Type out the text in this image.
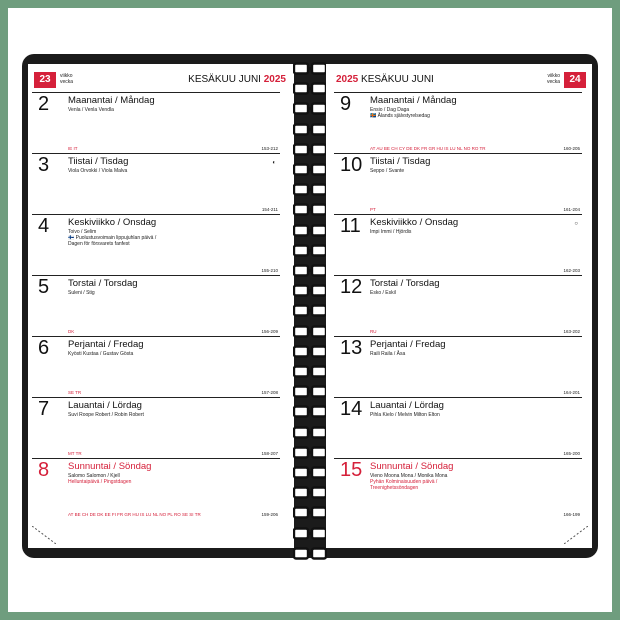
23	viikko
vecka	KESÄKUU JUNI 2025
2 Maanantai / Måndag
Venla / Venla Vendla
IE IT	153-212
3 Tiistai / Tisdag
Viola Orvokki / Viola Malva
◐
154-211
4 Keskiviikko / Onsdag
Toivo / Selim
🇫🇮 Puolustusvoimain lippujuhlan päivä /
Dagen för försvarets fanfest
155-210
5 Torstai / Torsdag
Suleni / Stig
DK	156-209
6 Perjantai / Fredag
Kyösti Kustaa / Gustav Gösta
SE TR	157-208
7 Lauantai / Lördag
Suvi Roope Robert / Robin Robert
MT TR	158-207
8 Sunnuntai / Söndag
Salomo Salomon / Kjell
Helluntaipäivä / Pingstdagen
AT BE CH DE DK EE FI FR GR HU IS LU NL NO PL RO SE SI TR	159-206
2025 KESÄKUU JUNI	viikko
vecka 24
9 Maanantai / Måndag
Ensio / Dag Daga
🇦🇽 Ålands självstyrelsedag
AT AU BE CH CY DE DK FR GR HU IS LU NL NO RO TR	160-205
10 Tiistai / Tisdag
Seppo / Svante
PT	161-204
11 Keskiviikko / Onsdag
Impi Immi / Hjördis
○
162-203
12 Torstai / Torsdag
Esko / Eskil
RU	163-202
13 Perjantai / Fredag
Raili Raila / Åsa
164-201
14 Lauantai / Lördag
Pihla Kielo / Melvin Milton Elton
165-200
15 Sunnuntai / Söndag
Vieno Moona Mona / Monika Mona
Pyhän Kolminaisuuden päivä /
Treenighetssöndagen
166-199
